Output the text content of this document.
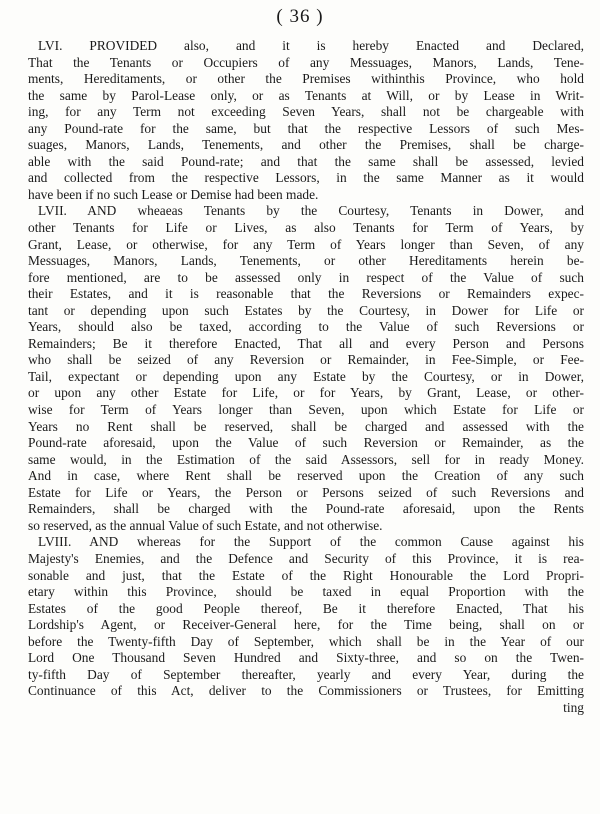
( 36 )
LVI. PROVIDED also, and it is hereby Enacted and Declared,
That the Tenants or Occupiers of any Messuages, Manors, Lands, Tene-
ments, Hereditaments, or other the Premises withinthis Province, who hold
the same by Parol-Lease only, or as Tenants at Will, or by Lease in Writ-
ing, for any Term not exceeding Seven Years, shall not be chargeable with
any Pound-rate for the same, but that the respective Lessors of such Mes-
suages, Manors, Lands, Tenements, and other the Premises, shall be charge-
able with the said Pound-rate; and that the same shall be assessed, levied
and collected from the respective Lessors, in the same Manner as it would
have been if no such Lease or Demise had been made.
LVII. AND wheaeas Tenants by the Courtesy, Tenants in Dower, and
other Tenants for Life or Lives, as also Tenants for Term of Years, by
Grant, Lease, or otherwise, for any Term of Years longer than Seven, of any
Messuages, Manors, Lands, Tenements, or other Hereditaments herein be-
fore mentioned, are to be assessed only in respect of the Value of such
their Estates, and it is reasonable that the Reversions or Remainders expec-
tant or depending upon such Estates by the Courtesy, in Dower for Life or
Years, should also be taxed, according to the Value of such Reversions or
Remainders; Be it therefore Enacted, That all and every Person and Persons
who shall be seized of any Reversion or Remainder, in Fee-Simple, or Fee-
Tail, expectant or depending upon any Estate by the Courtesy, or in Dower,
or upon any other Estate for Life, or for Years, by Grant, Lease, or other-
wise for Term of Years longer than Seven, upon which Estate for Life or
Years no Rent shall be reserved, shall be charged and assessed with the
Pound-rate aforesaid, upon the Value of such Reversion or Remainder, as the
same would, in the Estimation of the said Assessors, sell for in ready Money.
And in case, where Rent shall be reserved upon the Creation of any such
Estate for Life or Years, the Person or Persons seized of such Reversions and
Remainders, shall be charged with the Pound-rate aforesaid, upon the Rents
so reserved, as the annual Value of such Estate, and not otherwise.
LVIII. AND whereas for the Support of the common Cause against his
Majesty's Enemies, and the Defence and Security of this Province, it is rea-
sonable and just, that the Estate of the Right Honourable the Lord Propri-
etary within this Province, should be taxed in equal Proportion with the
Estates of the good People thereof, Be it therefore Enacted, That his
Lordship's Agent, or Receiver-General here, for the Time being, shall on or
before the Twenty-fifth Day of September, which shall be in the Year of our
Lord One Thousand Seven Hundred and Sixty-three, and so on the Twen-
ty-fifth Day of September thereafter, yearly and every Year, during the
Continuance of this Act, deliver to the Commissioners or Trustees, for Emitting
ting
